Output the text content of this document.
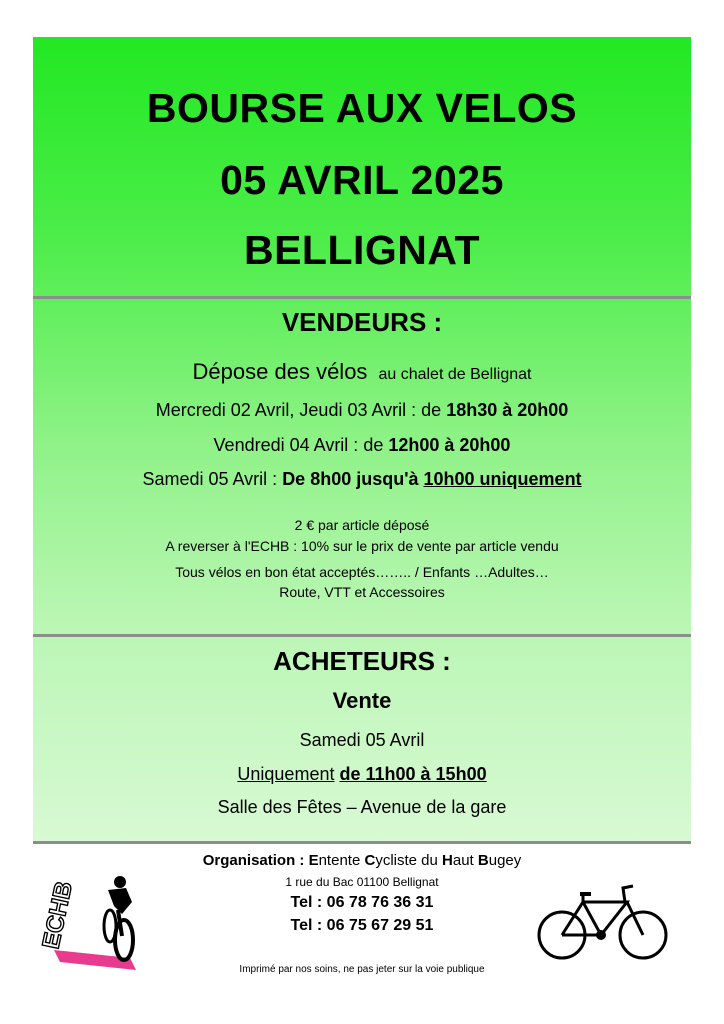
BOURSE AUX VELOS
05 AVRIL 2025
BELLIGNAT
VENDEURS :
Dépose des vélos au chalet de Bellignat
Mercredi 02 Avril, Jeudi 03 Avril : de 18h30 à 20h00
Vendredi 04 Avril : de 12h00 à 20h00
Samedi 05 Avril : De 8h00 jusqu'à 10h00 uniquement
2 € par article déposé
A reverser à l'ECHB : 10% sur le prix de vente par article vendu
Tous vélos en bon état acceptés…….. / Enfants …Adultes…
Route, VTT et Accessoires
ACHETEURS :
Vente
Samedi 05 Avril
Uniquement de 11h00 à 15h00
Salle des Fêtes – Avenue de la gare
Organisation : Entente Cycliste du Haut Bugey
1 rue du Bac 01100 Bellignat
Tel : 06 78 76 36 31
Tel : 06 75 67 29 51
Imprimé par nos soins, ne pas jeter sur la voie publique
ECHB
